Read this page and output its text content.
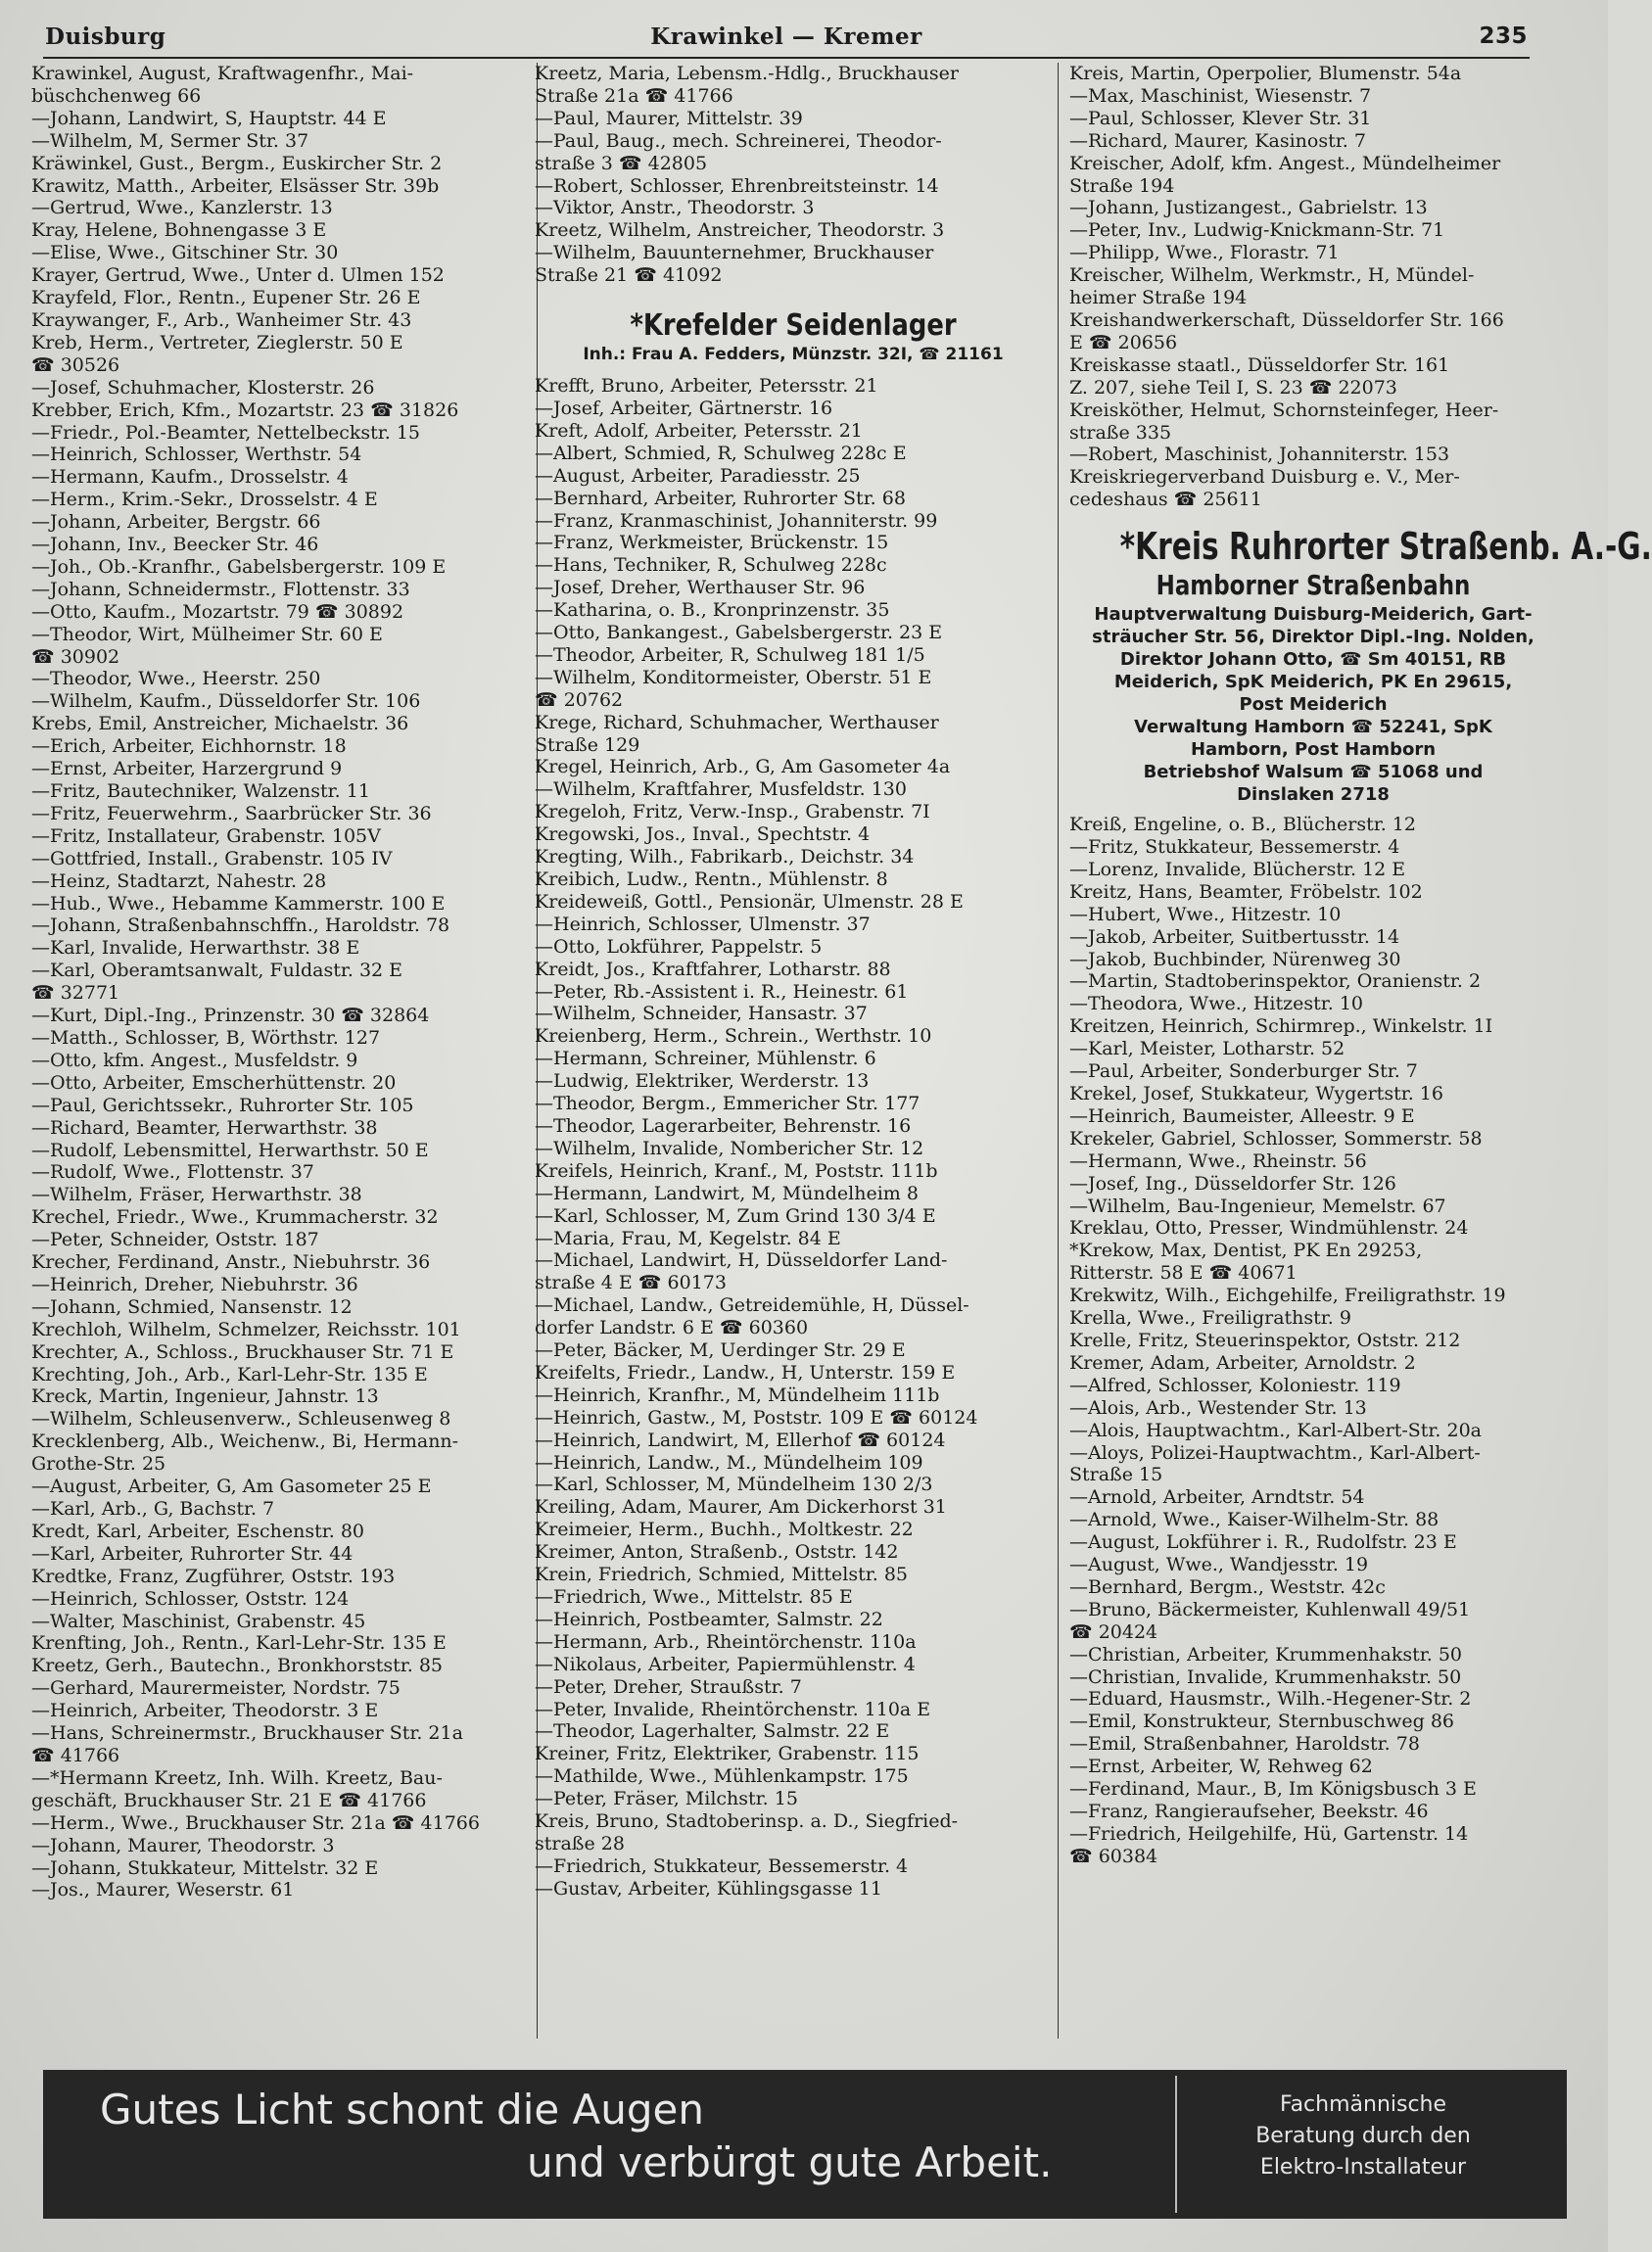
Duisburg	Krawinkel — Kremer	235
Krawinkel, August, Kraftwagenfhr., Mai-
büschchenweg 66
—Johann, Landwirt, S, Hauptstr. 44 E
—Wilhelm, M, Sermer Str. 37
Kräwinkel, Gust., Bergm., Euskircher Str. 2
Krawitz, Matth., Arbeiter, Elsässer Str. 39b
—Gertrud, Wwe., Kanzlerstr. 13
Kray, Helene, Bohnengasse 3 E
—Elise, Wwe., Gitschiner Str. 30
Krayer, Gertrud, Wwe., Unter d. Ulmen 152
Krayfeld, Flor., Rentn., Eupener Str. 26 E
Kraywanger, F., Arb., Wanheimer Str. 43
Kreb, Herm., Vertreter, Zieglerstr. 50 E
☎ 30526
—Josef, Schuhmacher, Klosterstr. 26
Krebber, Erich, Kfm., Mozartstr. 23 ☎ 31826
—Friedr., Pol.-Beamter, Nettelbeckstr. 15
—Heinrich, Schlosser, Werthstr. 54
—Hermann, Kaufm., Drosselstr. 4
—Herm., Krim.-Sekr., Drosselstr. 4 E
—Johann, Arbeiter, Bergstr. 66
—Johann, Inv., Beecker Str. 46
—Joh., Ob.-Kranfhr., Gabelsbergerstr. 109 E
—Johann, Schneidermstr., Flottenstr. 33
—Otto, Kaufm., Mozartstr. 79 ☎ 30892
—Theodor, Wirt, Mülheimer Str. 60 E
☎ 30902
—Theodor, Wwe., Heerstr. 250
—Wilhelm, Kaufm., Düsseldorfer Str. 106
Krebs, Emil, Anstreicher, Michaelstr. 36
—Erich, Arbeiter, Eichhornstr. 18
—Ernst, Arbeiter, Harzergrund 9
—Fritz, Bautechniker, Walzenstr. 11
—Fritz, Feuerwehrm., Saarbrücker Str. 36
—Fritz, Installateur, Grabenstr. 105V
—Gottfried, Install., Grabenstr. 105 IV
—Heinz, Stadtarzt, Nahestr. 28
—Hub., Wwe., Hebamme Kammerstr. 100 E
—Johann, Straßenbahnschffn., Haroldstr. 78
—Karl, Invalide, Herwarthstr. 38 E
—Karl, Oberamtsanwalt, Fuldastr. 32 E
☎ 32771
—Kurt, Dipl.-Ing., Prinzenstr. 30 ☎ 32864
—Matth., Schlosser, B, Wörthstr. 127
—Otto, kfm. Angest., Musfeldstr. 9
—Otto, Arbeiter, Emscherhüttenstr. 20
—Paul, Gerichtssekr., Ruhrorter Str. 105
—Richard, Beamter, Herwarthstr. 38
—Rudolf, Lebensmittel, Herwarthstr. 50 E
—Rudolf, Wwe., Flottenstr. 37
—Wilhelm, Fräser, Herwarthstr. 38
Krechel, Friedr., Wwe., Krummacherstr. 32
—Peter, Schneider, Oststr. 187
Krecher, Ferdinand, Anstr., Niebuhrstr. 36
—Heinrich, Dreher, Niebuhrstr. 36
—Johann, Schmied, Nansenstr. 12
Krechloh, Wilhelm, Schmelzer, Reichsstr. 101
Krechter, A., Schloss., Bruckhauser Str. 71 E
Krechting, Joh., Arb., Karl-Lehr-Str. 135 E
Kreck, Martin, Ingenieur, Jahnstr. 13
—Wilhelm, Schleusenverw., Schleusenweg 8
Krecklenberg, Alb., Weichenw., Bi, Hermann-
Grothe-Str. 25
—August, Arbeiter, G, Am Gasometer 25 E
—Karl, Arb., G, Bachstr. 7
Kredt, Karl, Arbeiter, Eschenstr. 80
—Karl, Arbeiter, Ruhrorter Str. 44
Kredtke, Franz, Zugführer, Oststr. 193
—Heinrich, Schlosser, Oststr. 124
—Walter, Maschinist, Grabenstr. 45
Krenfting, Joh., Rentn., Karl-Lehr-Str. 135 E
Kreetz, Gerh., Bautechn., Bronkhorststr. 85
—Gerhard, Maurermeister, Nordstr. 75
—Heinrich, Arbeiter, Theodorstr. 3 E
—Hans, Schreinermstr., Bruckhauser Str. 21a
☎ 41766
—*Hermann Kreetz, Inh. Wilh. Kreetz, Bau-
geschäft, Bruckhauser Str. 21 E ☎ 41766
—Herm., Wwe., Bruckhauser Str. 21a ☎ 41766
—Johann, Maurer, Theodorstr. 3
—Johann, Stukkateur, Mittelstr. 32 E
—Jos., Maurer, Weserstr. 61
Kreetz, Maria, Lebensm.-Hdlg., Bruckhauser
Straße 21a ☎ 41766
—Paul, Maurer, Mittelstr. 39
—Paul, Baug., mech. Schreinerei, Theodor-
straße 3 ☎ 42805
—Robert, Schlosser, Ehrenbreitsteinstr. 14
—Viktor, Anstr., Theodorstr. 3
Kreetz, Wilhelm, Anstreicher, Theodorstr. 3
—Wilhelm, Bauunternehmer, Bruckhauser
Straße 21 ☎ 41092
*Krefelder Seidenlager
Inh.: Frau A. Fedders, Münzstr. 32I, ☎ 21161
Krefft, Bruno, Arbeiter, Petersstr. 21
—Josef, Arbeiter, Gärtnerstr. 16
Kreft, Adolf, Arbeiter, Petersstr. 21
—Albert, Schmied, R, Schulweg 228c E
—August, Arbeiter, Paradiesstr. 25
—Bernhard, Arbeiter, Ruhrorter Str. 68
—Franz, Kranmaschinist, Johanniterstr. 99
—Franz, Werkmeister, Brückenstr. 15
—Hans, Techniker, R, Schulweg 228c
—Josef, Dreher, Werthauser Str. 96
—Katharina, o. B., Kronprinzenstr. 35
—Otto, Bankangest., Gabelsbergerstr. 23 E
—Theodor, Arbeiter, R, Schulweg 181 1/5
—Wilhelm, Konditormeister, Oberstr. 51 E
☎ 20762
Krege, Richard, Schuhmacher, Werthauser
Straße 129
Kregel, Heinrich, Arb., G, Am Gasometer 4a
—Wilhelm, Kraftfahrer, Musfeldstr. 130
Kregeloh, Fritz, Verw.-Insp., Grabenstr. 7I
Kregowski, Jos., Inval., Spechtstr. 4
Kregting, Wilh., Fabrikarb., Deichstr. 34
Kreibich, Ludw., Rentn., Mühlenstr. 8
Kreideweiß, Gottl., Pensionär, Ulmenstr. 28 E
—Heinrich, Schlosser, Ulmenstr. 37
—Otto, Lokführer, Pappelstr. 5
Kreidt, Jos., Kraftfahrer, Lotharstr. 88
—Peter, Rb.-Assistent i. R., Heinestr. 61
—Wilhelm, Schneider, Hansastr. 37
Kreienberg, Herm., Schrein., Werthstr. 10
—Hermann, Schreiner, Mühlenstr. 6
—Ludwig, Elektriker, Werderstr. 13
—Theodor, Bergm., Emmericher Str. 177
—Theodor, Lagerarbeiter, Behrenstr. 16
—Wilhelm, Invalide, Nombericher Str. 12
Kreifels, Heinrich, Kranf., M, Poststr. 111b
—Hermann, Landwirt, M, Mündelheim 8
—Karl, Schlosser, M, Zum Grind 130 3/4 E
—Maria, Frau, M, Kegelstr. 84 E
—Michael, Landwirt, H, Düsseldorfer Land-
straße 4 E ☎ 60173
—Michael, Landw., Getreidemühle, H, Düssel-
dorfer Landstr. 6 E ☎ 60360
—Peter, Bäcker, M, Uerdinger Str. 29 E
Kreifelts, Friedr., Landw., H, Unterstr. 159 E
—Heinrich, Kranfhr., M, Mündelheim 111b
—Heinrich, Gastw., M, Poststr. 109 E ☎ 60124
—Heinrich, Landwirt, M, Ellerhof ☎ 60124
—Heinrich, Landw., M., Mündelheim 109
—Karl, Schlosser, M, Mündelheim 130 2/3
Kreiling, Adam, Maurer, Am Dickerhorst 31
Kreimeier, Herm., Buchh., Moltkestr. 22
Kreimer, Anton, Straßenb., Oststr. 142
Krein, Friedrich, Schmied, Mittelstr. 85
—Friedrich, Wwe., Mittelstr. 85 E
—Heinrich, Postbeamter, Salmstr. 22
—Hermann, Arb., Rheintörchenstr. 110a
—Nikolaus, Arbeiter, Papiermühlenstr. 4
—Peter, Dreher, Straußstr. 7
—Peter, Invalide, Rheintörchenstr. 110a E
—Theodor, Lagerhalter, Salmstr. 22 E
Kreiner, Fritz, Elektriker, Grabenstr. 115
—Mathilde, Wwe., Mühlenkampstr. 175
—Peter, Fräser, Milchstr. 15
Kreis, Bruno, Stadtoberinsp. a. D., Siegfried-
straße 28
—Friedrich, Stukkateur, Bessemerstr. 4
—Gustav, Arbeiter, Kühlingsgasse 11
Kreis, Martin, Operpolier, Blumenstr. 54a
—Max, Maschinist, Wiesenstr. 7
—Paul, Schlosser, Klever Str. 31
—Richard, Maurer, Kasinostr. 7
Kreischer, Adolf, kfm. Angest., Mündelheimer
Straße 194
—Johann, Justizangest., Gabrielstr. 13
—Peter, Inv., Ludwig-Knickmann-Str. 71
—Philipp, Wwe., Florastr. 71
Kreischer, Wilhelm, Werkmstr., H, Mündel-
heimer Straße 194
Kreishandwerkerschaft, Düsseldorfer Str. 166
E ☎ 20656
Kreiskasse staatl., Düsseldorfer Str. 161
Z. 207, siehe Teil I, S. 23 ☎ 22073
Kreisköther, Helmut, Schornsteinfeger, Heer-
straße 335
—Robert, Maschinist, Johanniterstr. 153
Kreiskriegerverband Duisburg e. V., Mer-
cedeshaus ☎ 25611
*Kreis Ruhrorter Straßenb. A.-G.
Hamborner Straßenbahn
Hauptverwaltung Duisburg-Meiderich, Gart-
sträucher Str. 56, Direktor Dipl.-Ing. Nolden,
Direktor Johann Otto, ☎ Sm 40151, RB
Meiderich, SpK Meiderich, PK En 29615,
Post Meiderich
Verwaltung Hamborn ☎ 52241, SpK
Hamborn, Post Hamborn
Betriebshof Walsum ☎ 51068 und
Dinslaken 2718
Kreiß, Engeline, o. B., Blücherstr. 12
—Fritz, Stukkateur, Bessemerstr. 4
—Lorenz, Invalide, Blücherstr. 12 E
Kreitz, Hans, Beamter, Fröbelstr. 102
—Hubert, Wwe., Hitzestr. 10
—Jakob, Arbeiter, Suitbertusstr. 14
—Jakob, Buchbinder, Nürenweg 30
—Martin, Stadtoberinspektor, Oranienstr. 2
—Theodora, Wwe., Hitzestr. 10
Kreitzen, Heinrich, Schirmrep., Winkelstr. 1I
—Karl, Meister, Lotharstr. 52
—Paul, Arbeiter, Sonderburger Str. 7
Krekel, Josef, Stukkateur, Wygertstr. 16
—Heinrich, Baumeister, Alleestr. 9 E
Krekeler, Gabriel, Schlosser, Sommerstr. 58
—Hermann, Wwe., Rheinstr. 56
—Josef, Ing., Düsseldorfer Str. 126
—Wilhelm, Bau-Ingenieur, Memelstr. 67
Kreklau, Otto, Presser, Windmühlenstr. 24
*Krekow, Max, Dentist, PK En 29253,
Ritterstr. 58 E ☎ 40671
Krekwitz, Wilh., Eichgehilfe, Freiligrathstr. 19
Krella, Wwe., Freiligrathstr. 9
Krelle, Fritz, Steuerinspektor, Oststr. 212
Kremer, Adam, Arbeiter, Arnoldstr. 2
—Alfred, Schlosser, Koloniestr. 119
—Alois, Arb., Westender Str. 13
—Alois, Hauptwachtm., Karl-Albert-Str. 20a
—Aloys, Polizei-Hauptwachtm., Karl-Albert-
Straße 15
—Arnold, Arbeiter, Arndtstr. 54
—Arnold, Wwe., Kaiser-Wilhelm-Str. 88
—August, Lokführer i. R., Rudolfstr. 23 E
—August, Wwe., Wandjesstr. 19
—Bernhard, Bergm., Weststr. 42c
—Bruno, Bäckermeister, Kuhlenwall 49/51
☎ 20424
—Christian, Arbeiter, Krummenhakstr. 50
—Christian, Invalide, Krummenhakstr. 50
—Eduard, Hausmstr., Wilh.-Hegener-Str. 2
—Emil, Konstrukteur, Sternbuschweg 86
—Emil, Straßenbahner, Haroldstr. 78
—Ernst, Arbeiter, W, Rehweg 62
—Ferdinand, Maur., B, Im Königsbusch 3 E
—Franz, Rangieraufseher, Beekstr. 46
—Friedrich, Heilgehilfe, Hü, Gartenstr. 14
☎ 60384
Gutes Licht schont die Augen
und verbürgt gute Arbeit.
Fachmännische
Beratung durch den
Elektro-Installateur
